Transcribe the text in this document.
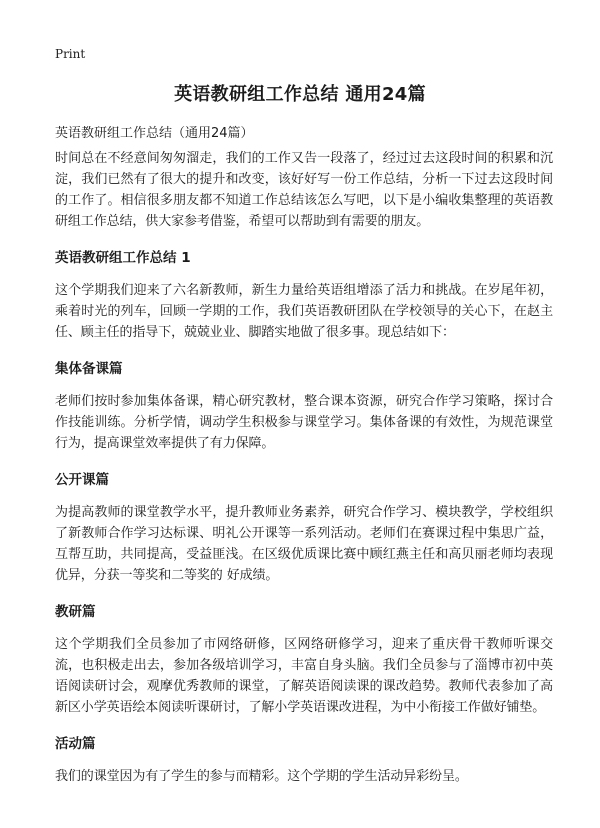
Print
英语教研组工作总结 通用24篇

英语教研组工作总结（通用24篇）

时间总在不经意间匆匆溜走，我们的工作又告一段落了，经过过去这段时间的积累和沉淀，我们已然有了很大的提升和改变，该好好写一份工作总结，分析一下过去这段时间的工作了。相信很多朋友都不知道工作总结该怎么写吧，以下是小编收集整理的英语教研组工作总结，供大家参考借鉴，希望可以帮助到有需要的朋友。

英语教研组工作总结 1

这个学期我们迎来了六名新教师，新生力量给英语组增添了活力和挑战。在岁尾年初，乘着时光的列车，回顾一学期的工作，我们英语教研团队在学校领导的关心下，在赵主任、顾主任的指导下，兢兢业业、脚踏实地做了很多事。现总结如下：

集体备课篇

老师们按时参加集体备课，精心研究教材，整合课本资源，研究合作学习策略，探讨合作技能训练。分析学情，调动学生积极参与课堂学习。集体备课的有效性，为规范课堂行为，提高课堂效率提供了有力保障。

公开课篇

为提高教师的课堂教学水平，提升教师业务素养，研究合作学习、模块教学，学校组织了新教师合作学习达标课、明礼公开课等一系列活动。老师们在赛课过程中集思广益，互帮互助，共同提高，受益匪浅。在区级优质课比赛中顾红燕主任和高贝丽老师均表现优异，分获一等奖和二等奖的 好成绩。

教研篇

这个学期我们全员参加了市网络研修，区网络研修学习，迎来了重庆骨干教师听课交流，也积极走出去，参加各级培训学习，丰富自身头脑。我们全员参与了淄博市初中英语阅读研讨会，观摩优秀教师的课堂，了解英语阅读课的课改趋势。教师代表参加了高新区小学英语绘本阅读听课研讨，了解小学英语课改进程，为中小衔接工作做好铺垫。

活动篇

我们的课堂因为有了学生的参与而精彩。这个学期的学生活动异彩纷呈。
